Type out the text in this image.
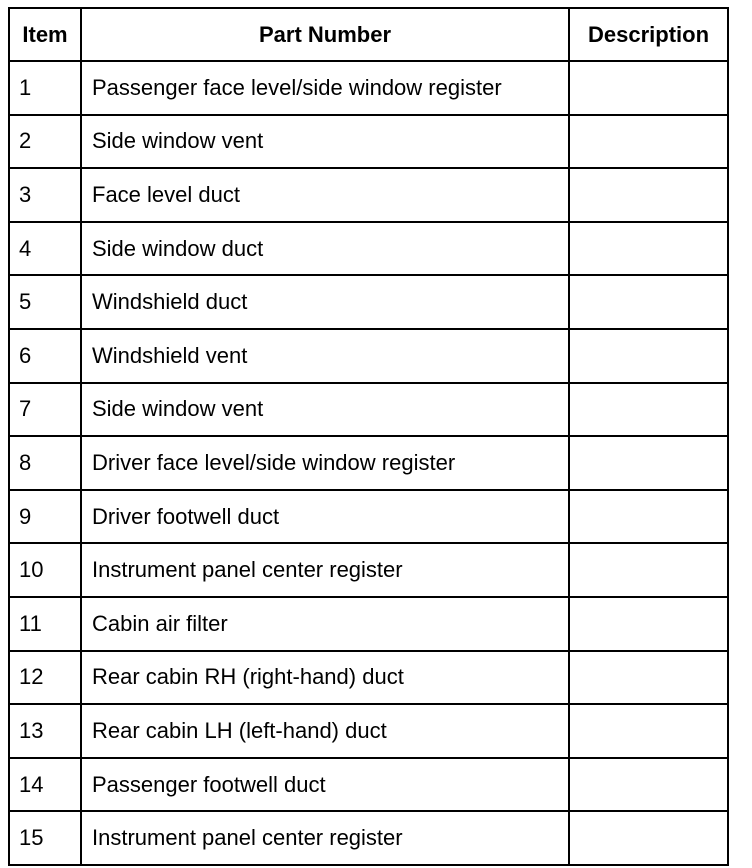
Item	Part Number	Description
1	Passenger face level/side window register	
2	Side window vent	
3	Face level duct	
4	Side window duct	
5	Windshield duct	
6	Windshield vent	
7	Side window vent	
8	Driver face level/side window register	
9	Driver footwell duct	
10	Instrument panel center register	
11	Cabin air filter	
12	Rear cabin RH (right-hand) duct	
13	Rear cabin LH (left-hand) duct	
14	Passenger footwell duct	
15	Instrument panel center register	
